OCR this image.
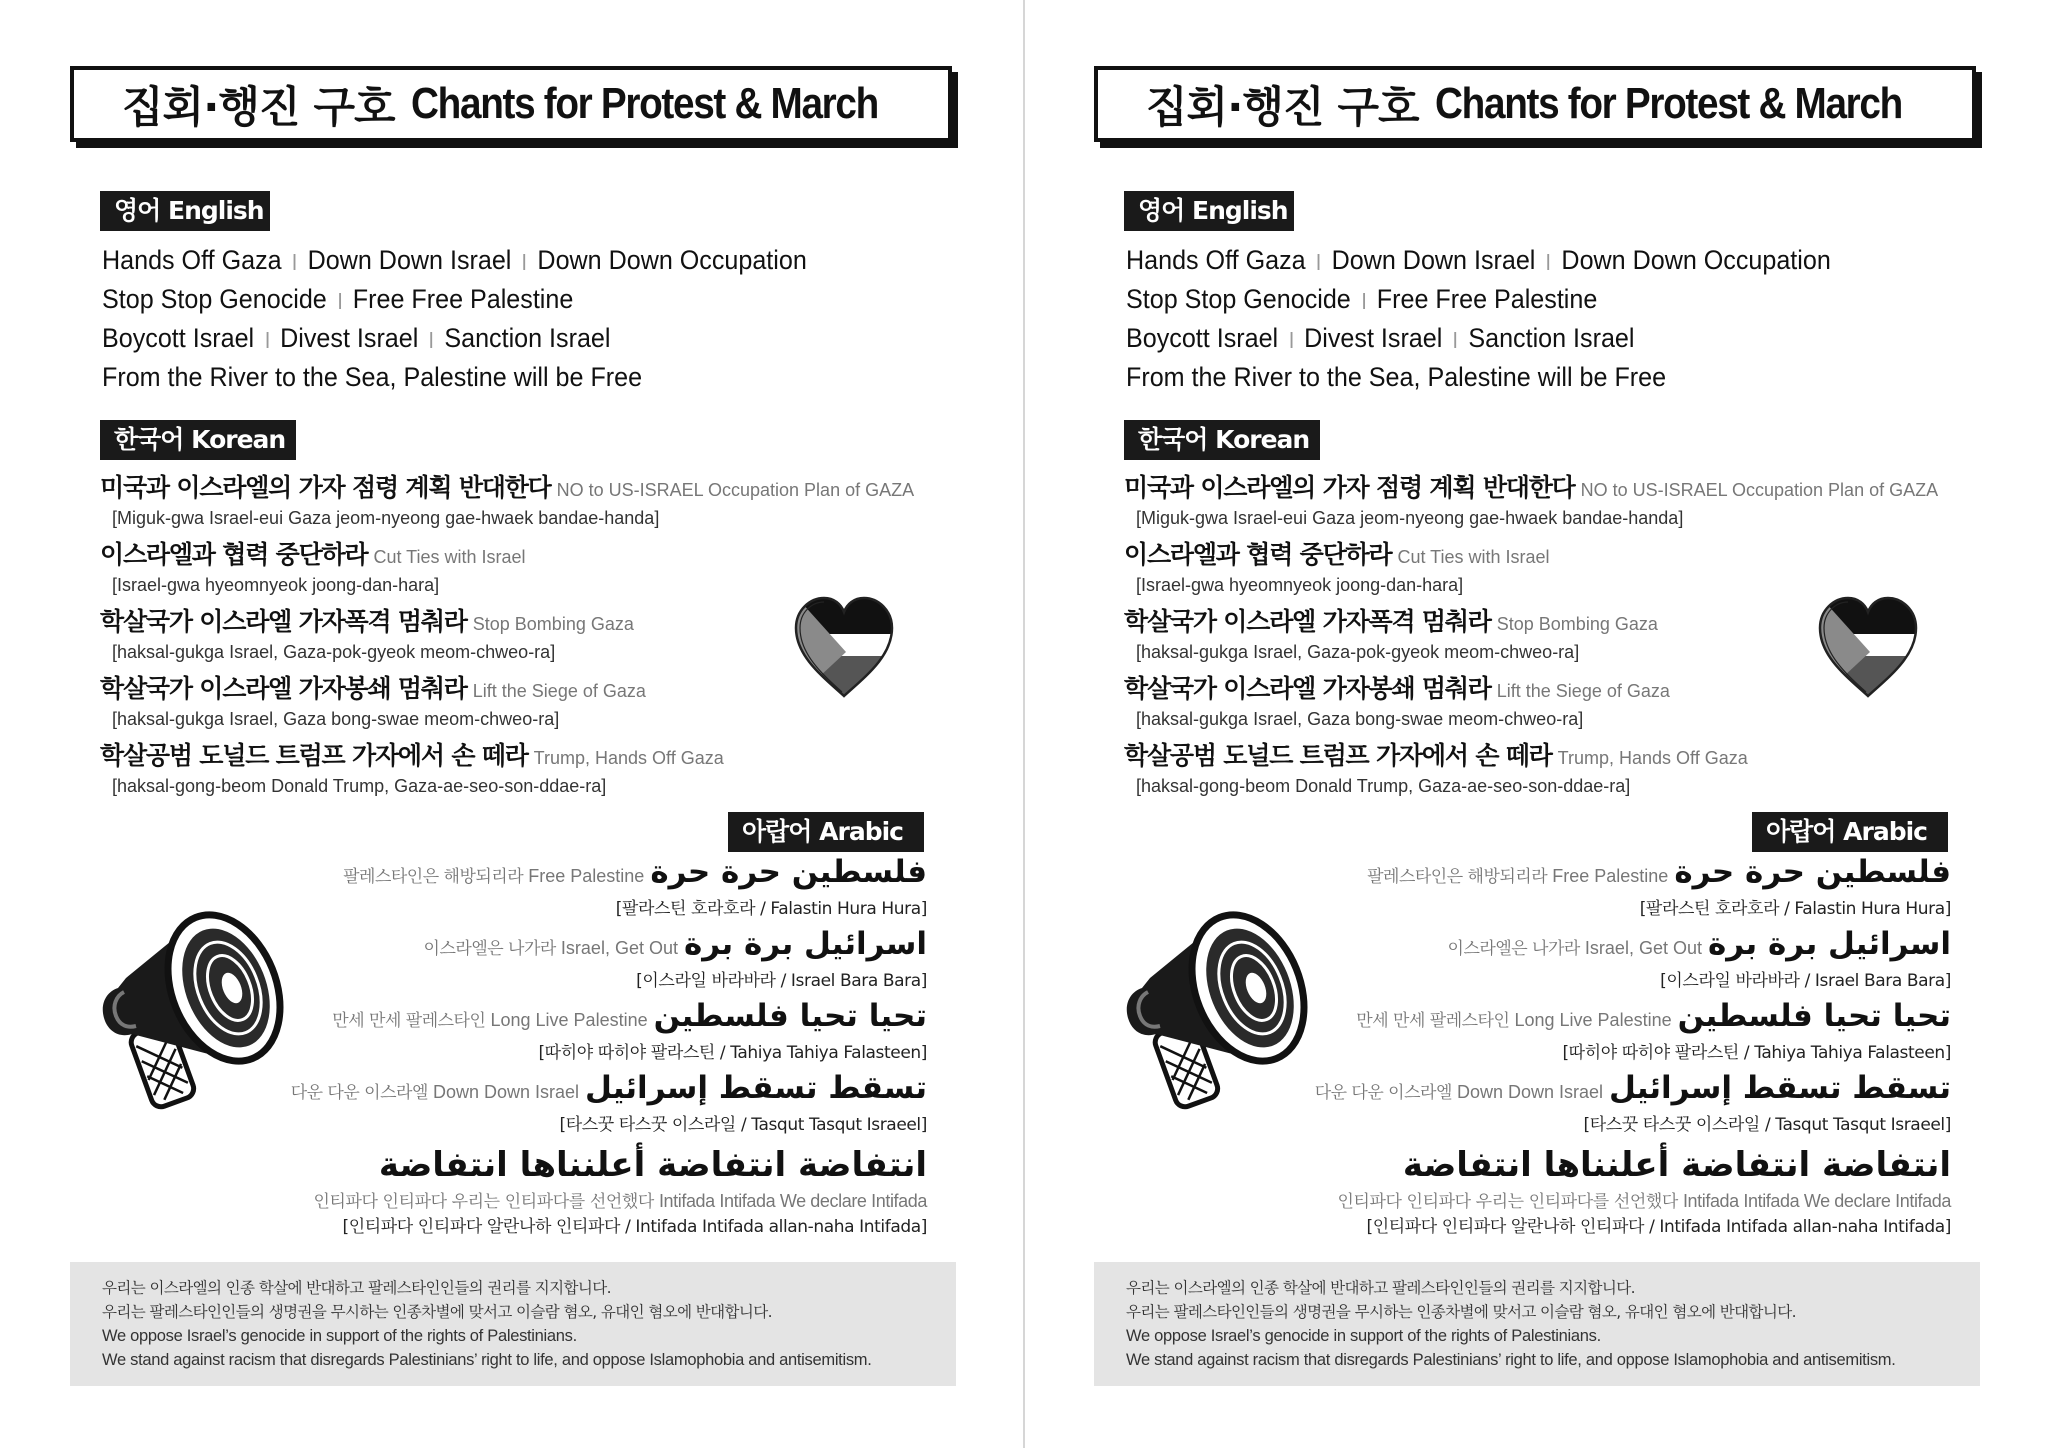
집회·행진 구호 Chants for Protest & March
영어 English
Hands Off Gaza Down Down Israel Down Down Occupation
Stop Stop Genocide Free Free Palestine
Boycott Israel Divest Israel Sanction Israel
From the River to the Sea, Palestine will be Free
한국어 Korean
미국과 이스라엘의 가자 점령 계획 반대한다 NO to US-ISRAEL Occupation Plan of GAZA
[Miguk-gwa Israel-eui Gaza jeom-nyeong gae-hwaek bandae-handa]
이스라엘과 협력 중단하라 Cut Ties with Israel
[Israel-gwa hyeomnyeok joong-dan-hara]
학살국가 이스라엘 가자폭격 멈춰라 Stop Bombing Gaza
[haksal-gukga Israel, Gaza-pok-gyeok meom-chweo-ra]
학살국가 이스라엘 가자봉쇄 멈춰라 Lift the Siege of Gaza
[haksal-gukga Israel, Gaza bong-swae meom-chweo-ra]
학살공범 도널드 트럼프 가자에서 손 떼라 Trump, Hands Off Gaza
[haksal-gong-beom Donald Trump, Gaza-ae-seo-son-ddae-ra]
아랍어 Arabic
팔레스타인은 해방되리라 Free Palestine فلسطين حرة حرة
[팔라스틴 호라호라 / Falastin Hura Hura]
이스라엘은 나가라 Israel, Get Out اسرائيل برة برة
[이스라일 바라바라 / Israel Bara Bara]
만세 만세 팔레스타인 Long Live Palestine تحيا تحيا فلسطين
[따히야 따히야 팔라스틴 / Tahiya Tahiya Falasteen]
다운 다운 이스라엘 Down Down Israel تسقط تسقط إسرائيل
[타스꿋 타스꿋 이스라일 / Tasqut Tasqut Israeel]
انتفاضة انتفاضة أعلنناها انتفاضة
인티파다 인티파다 우리는 인티파다를 선언했다 Intifada Intifada We declare Intifada
[인티파다 인티파다 알란나하 인티파다 / Intifada Intifada allan-naha Intifada]
우리는 이스라엘의 인종 학살에 반대하고 팔레스타인인들의 권리를 지지합니다.
우리는 팔레스타인인들의 생명권을 무시하는 인종차별에 맞서고 이슬람 혐오, 유대인 혐오에 반대합니다.
We oppose Israel’s genocide in support of the rights of Palestinians.
We stand against racism that disregards Palestinians’ right to life, and oppose Islamophobia and antisemitism.
집회·행진 구호 Chants for Protest & March
영어 English
Hands Off Gaza Down Down Israel Down Down Occupation
Stop Stop Genocide Free Free Palestine
Boycott Israel Divest Israel Sanction Israel
From the River to the Sea, Palestine will be Free
한국어 Korean
미국과 이스라엘의 가자 점령 계획 반대한다 NO to US-ISRAEL Occupation Plan of GAZA
[Miguk-gwa Israel-eui Gaza jeom-nyeong gae-hwaek bandae-handa]
이스라엘과 협력 중단하라 Cut Ties with Israel
[Israel-gwa hyeomnyeok joong-dan-hara]
학살국가 이스라엘 가자폭격 멈춰라 Stop Bombing Gaza
[haksal-gukga Israel, Gaza-pok-gyeok meom-chweo-ra]
학살국가 이스라엘 가자봉쇄 멈춰라 Lift the Siege of Gaza
[haksal-gukga Israel, Gaza bong-swae meom-chweo-ra]
학살공범 도널드 트럼프 가자에서 손 떼라 Trump, Hands Off Gaza
[haksal-gong-beom Donald Trump, Gaza-ae-seo-son-ddae-ra]
아랍어 Arabic
팔레스타인은 해방되리라 Free Palestine فلسطين حرة حرة
[팔라스틴 호라호라 / Falastin Hura Hura]
이스라엘은 나가라 Israel, Get Out اسرائيل برة برة
[이스라일 바라바라 / Israel Bara Bara]
만세 만세 팔레스타인 Long Live Palestine تحيا تحيا فلسطين
[따히야 따히야 팔라스틴 / Tahiya Tahiya Falasteen]
다운 다운 이스라엘 Down Down Israel تسقط تسقط إسرائيل
[타스꿋 타스꿋 이스라일 / Tasqut Tasqut Israeel]
انتفاضة انتفاضة أعلنناها انتفاضة
인티파다 인티파다 우리는 인티파다를 선언했다 Intifada Intifada We declare Intifada
[인티파다 인티파다 알란나하 인티파다 / Intifada Intifada allan-naha Intifada]
우리는 이스라엘의 인종 학살에 반대하고 팔레스타인인들의 권리를 지지합니다.
우리는 팔레스타인인들의 생명권을 무시하는 인종차별에 맞서고 이슬람 혐오, 유대인 혐오에 반대합니다.
We oppose Israel’s genocide in support of the rights of Palestinians.
We stand against racism that disregards Palestinians’ right to life, and oppose Islamophobia and antisemitism.
